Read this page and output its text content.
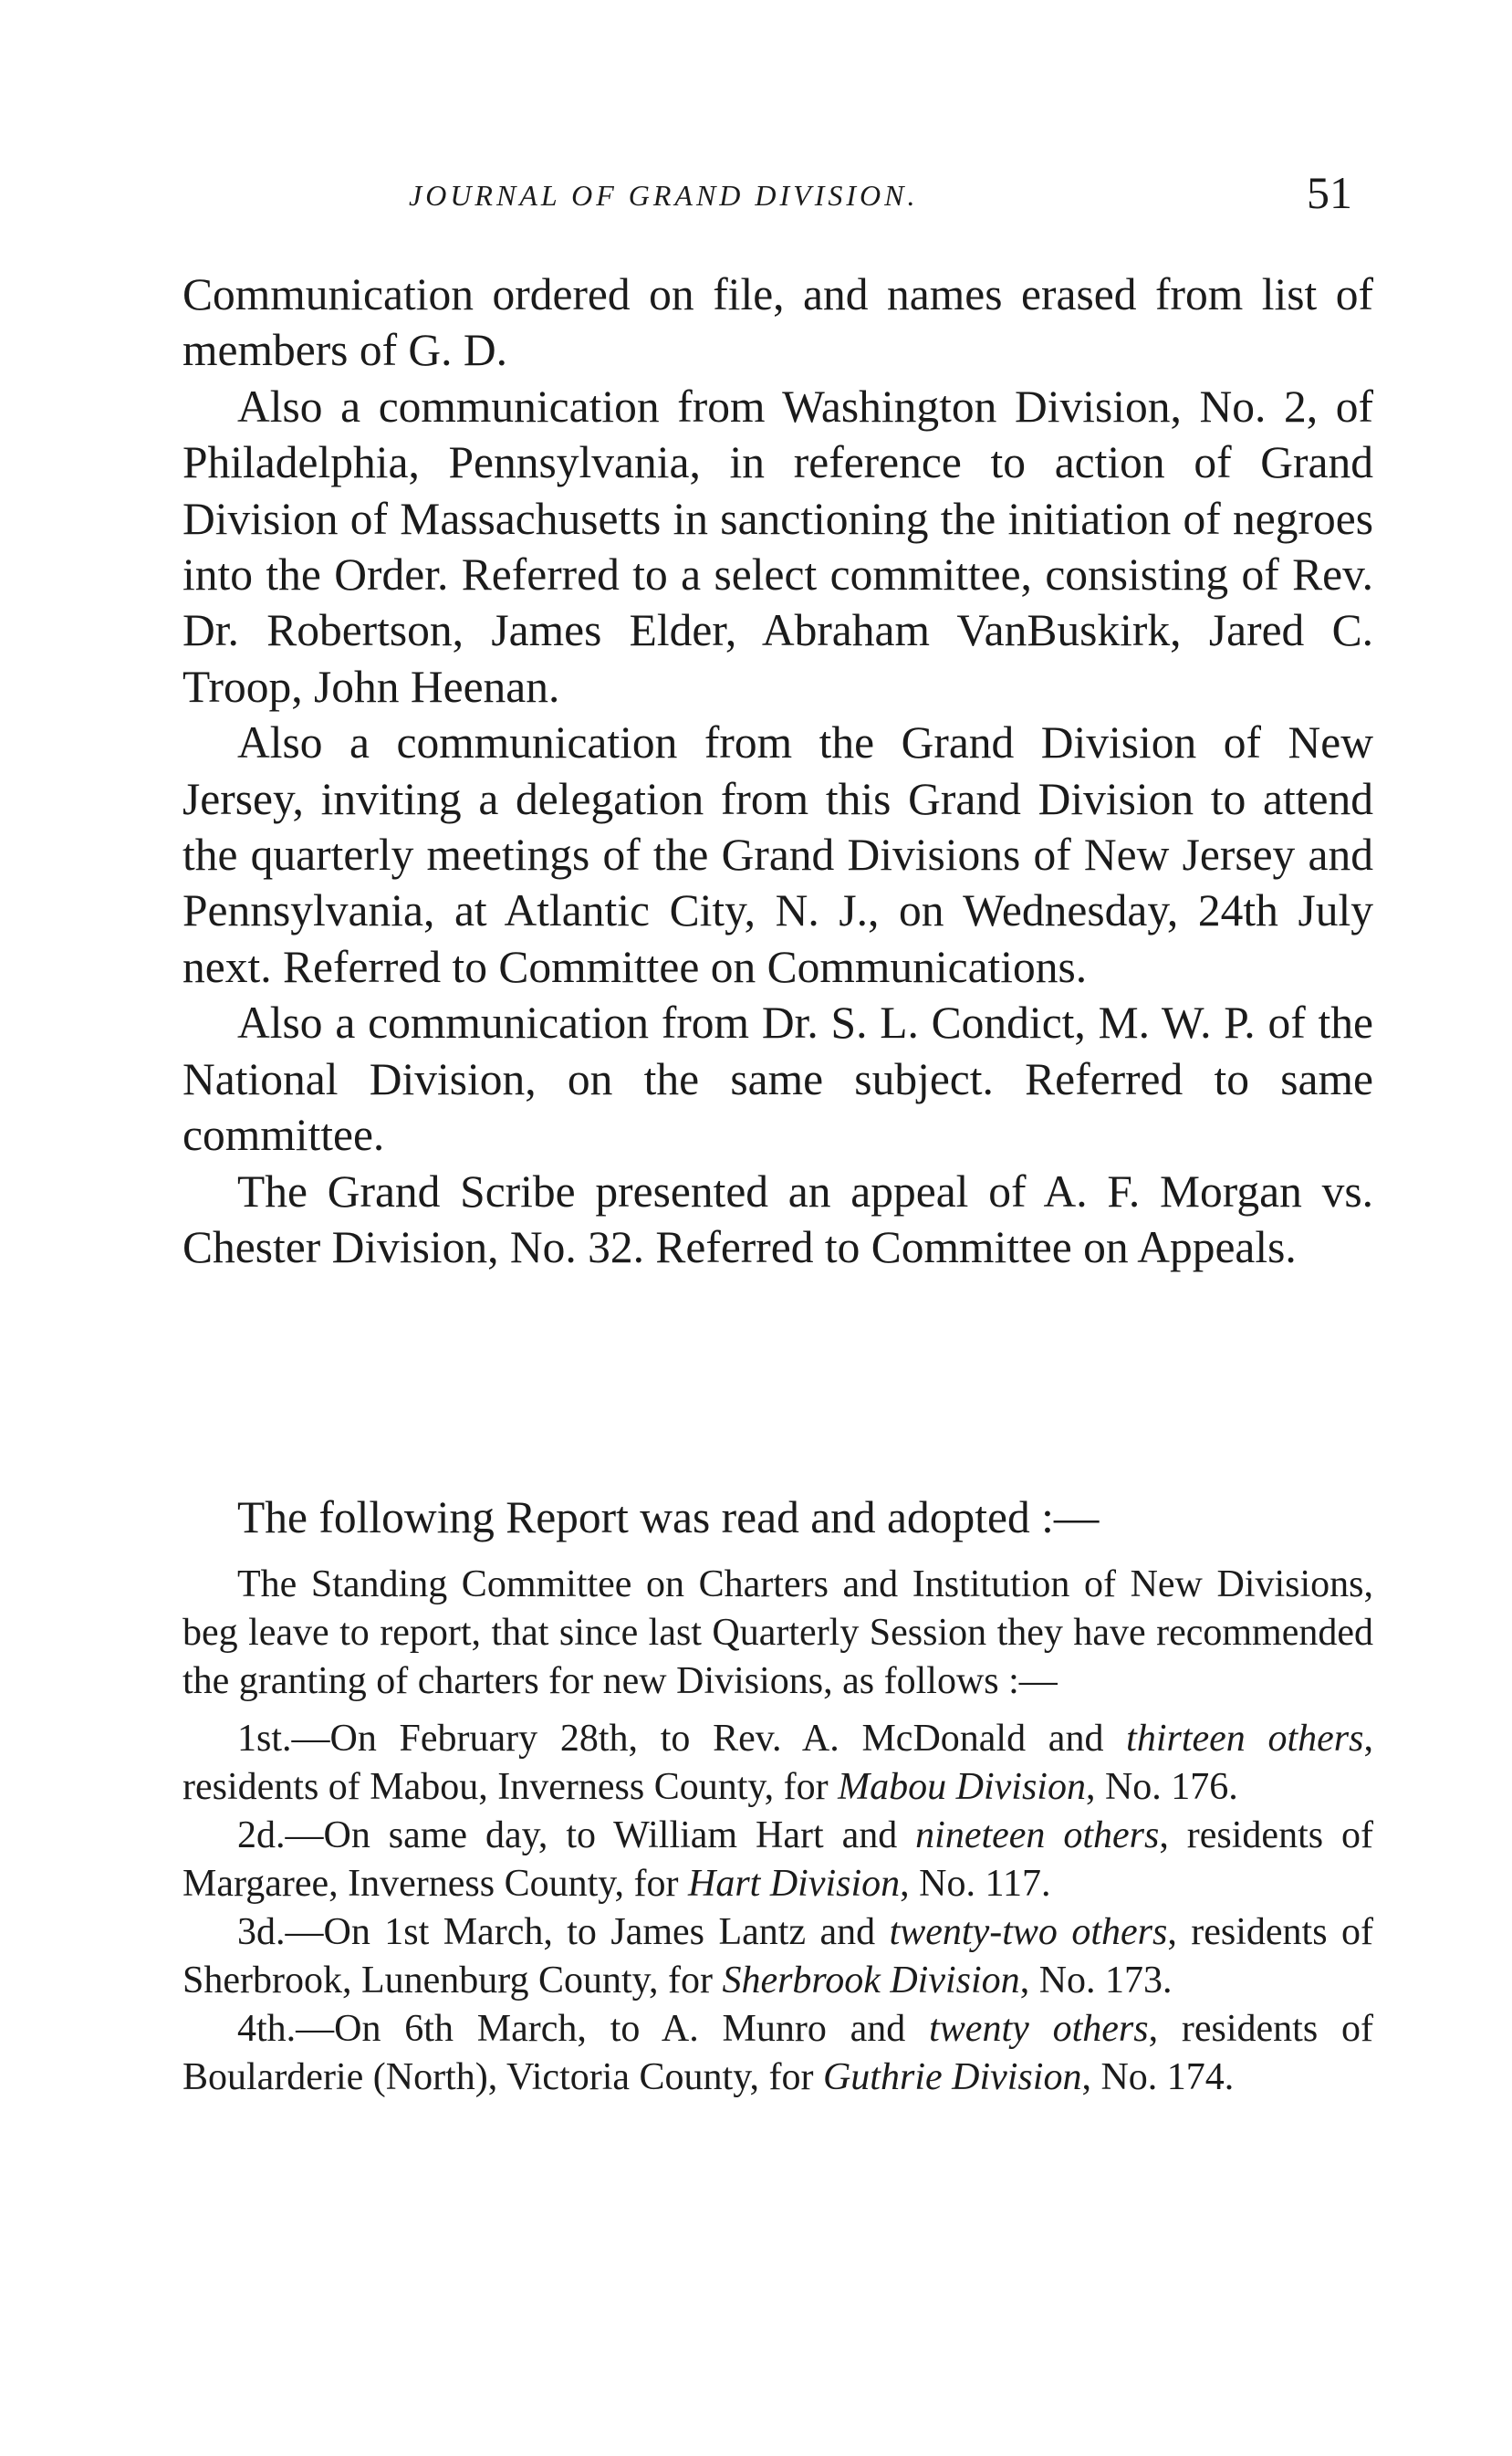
JOURNAL OF GRAND DIVISION.	51

Communication ordered on file, and names erased from list of members of G. D.

Also a communication from Washington Division, No. 2, of Philadelphia, Pennsylvania, in reference to action of Grand Division of Massachusetts in sanctioning the initiation of negroes into the Order. Referred to a select committee, consisting of Rev. Dr. Robertson, James Elder, Abraham VanBuskirk, Jared C. Troop, John Heenan.

Also a communication from the Grand Division of New Jersey, inviting a delegation from this Grand Division to attend the quarterly meetings of the Grand Divisions of New Jersey and Pennsylvania, at Atlantic City, N. J., on Wednesday, 24th July next. Referred to Committee on Communications.

Also a communication from Dr. S. L. Condict, M. W. P. of the National Division, on the same subject. Referred to same committee.

The Grand Scribe presented an appeal of A. F. Morgan vs. Chester Division, No. 32. Referred to Committee on Appeals.

The following Report was read and adopted :—

The Standing Committee on Charters and Institution of New Divisions, beg leave to report, that since last Quarterly Session they have recommended the granting of charters for new Divisions, as follows :—

1st.—On February 28th, to Rev. A. McDonald and thirteen others, residents of Mabou, Inverness County, for Mabou Division, No. 176.

2d.—On same day, to William Hart and nineteen others, residents of Margaree, Inverness County, for Hart Division, No. 117.

3d.—On 1st March, to James Lantz and twenty-two others, residents of Sherbrook, Lunenburg County, for Sherbrook Division, No. 173.

4th.—On 6th March, to A. Munro and twenty others, residents of Boularderie (North), Victoria County, for Guthrie Division, No. 174.
